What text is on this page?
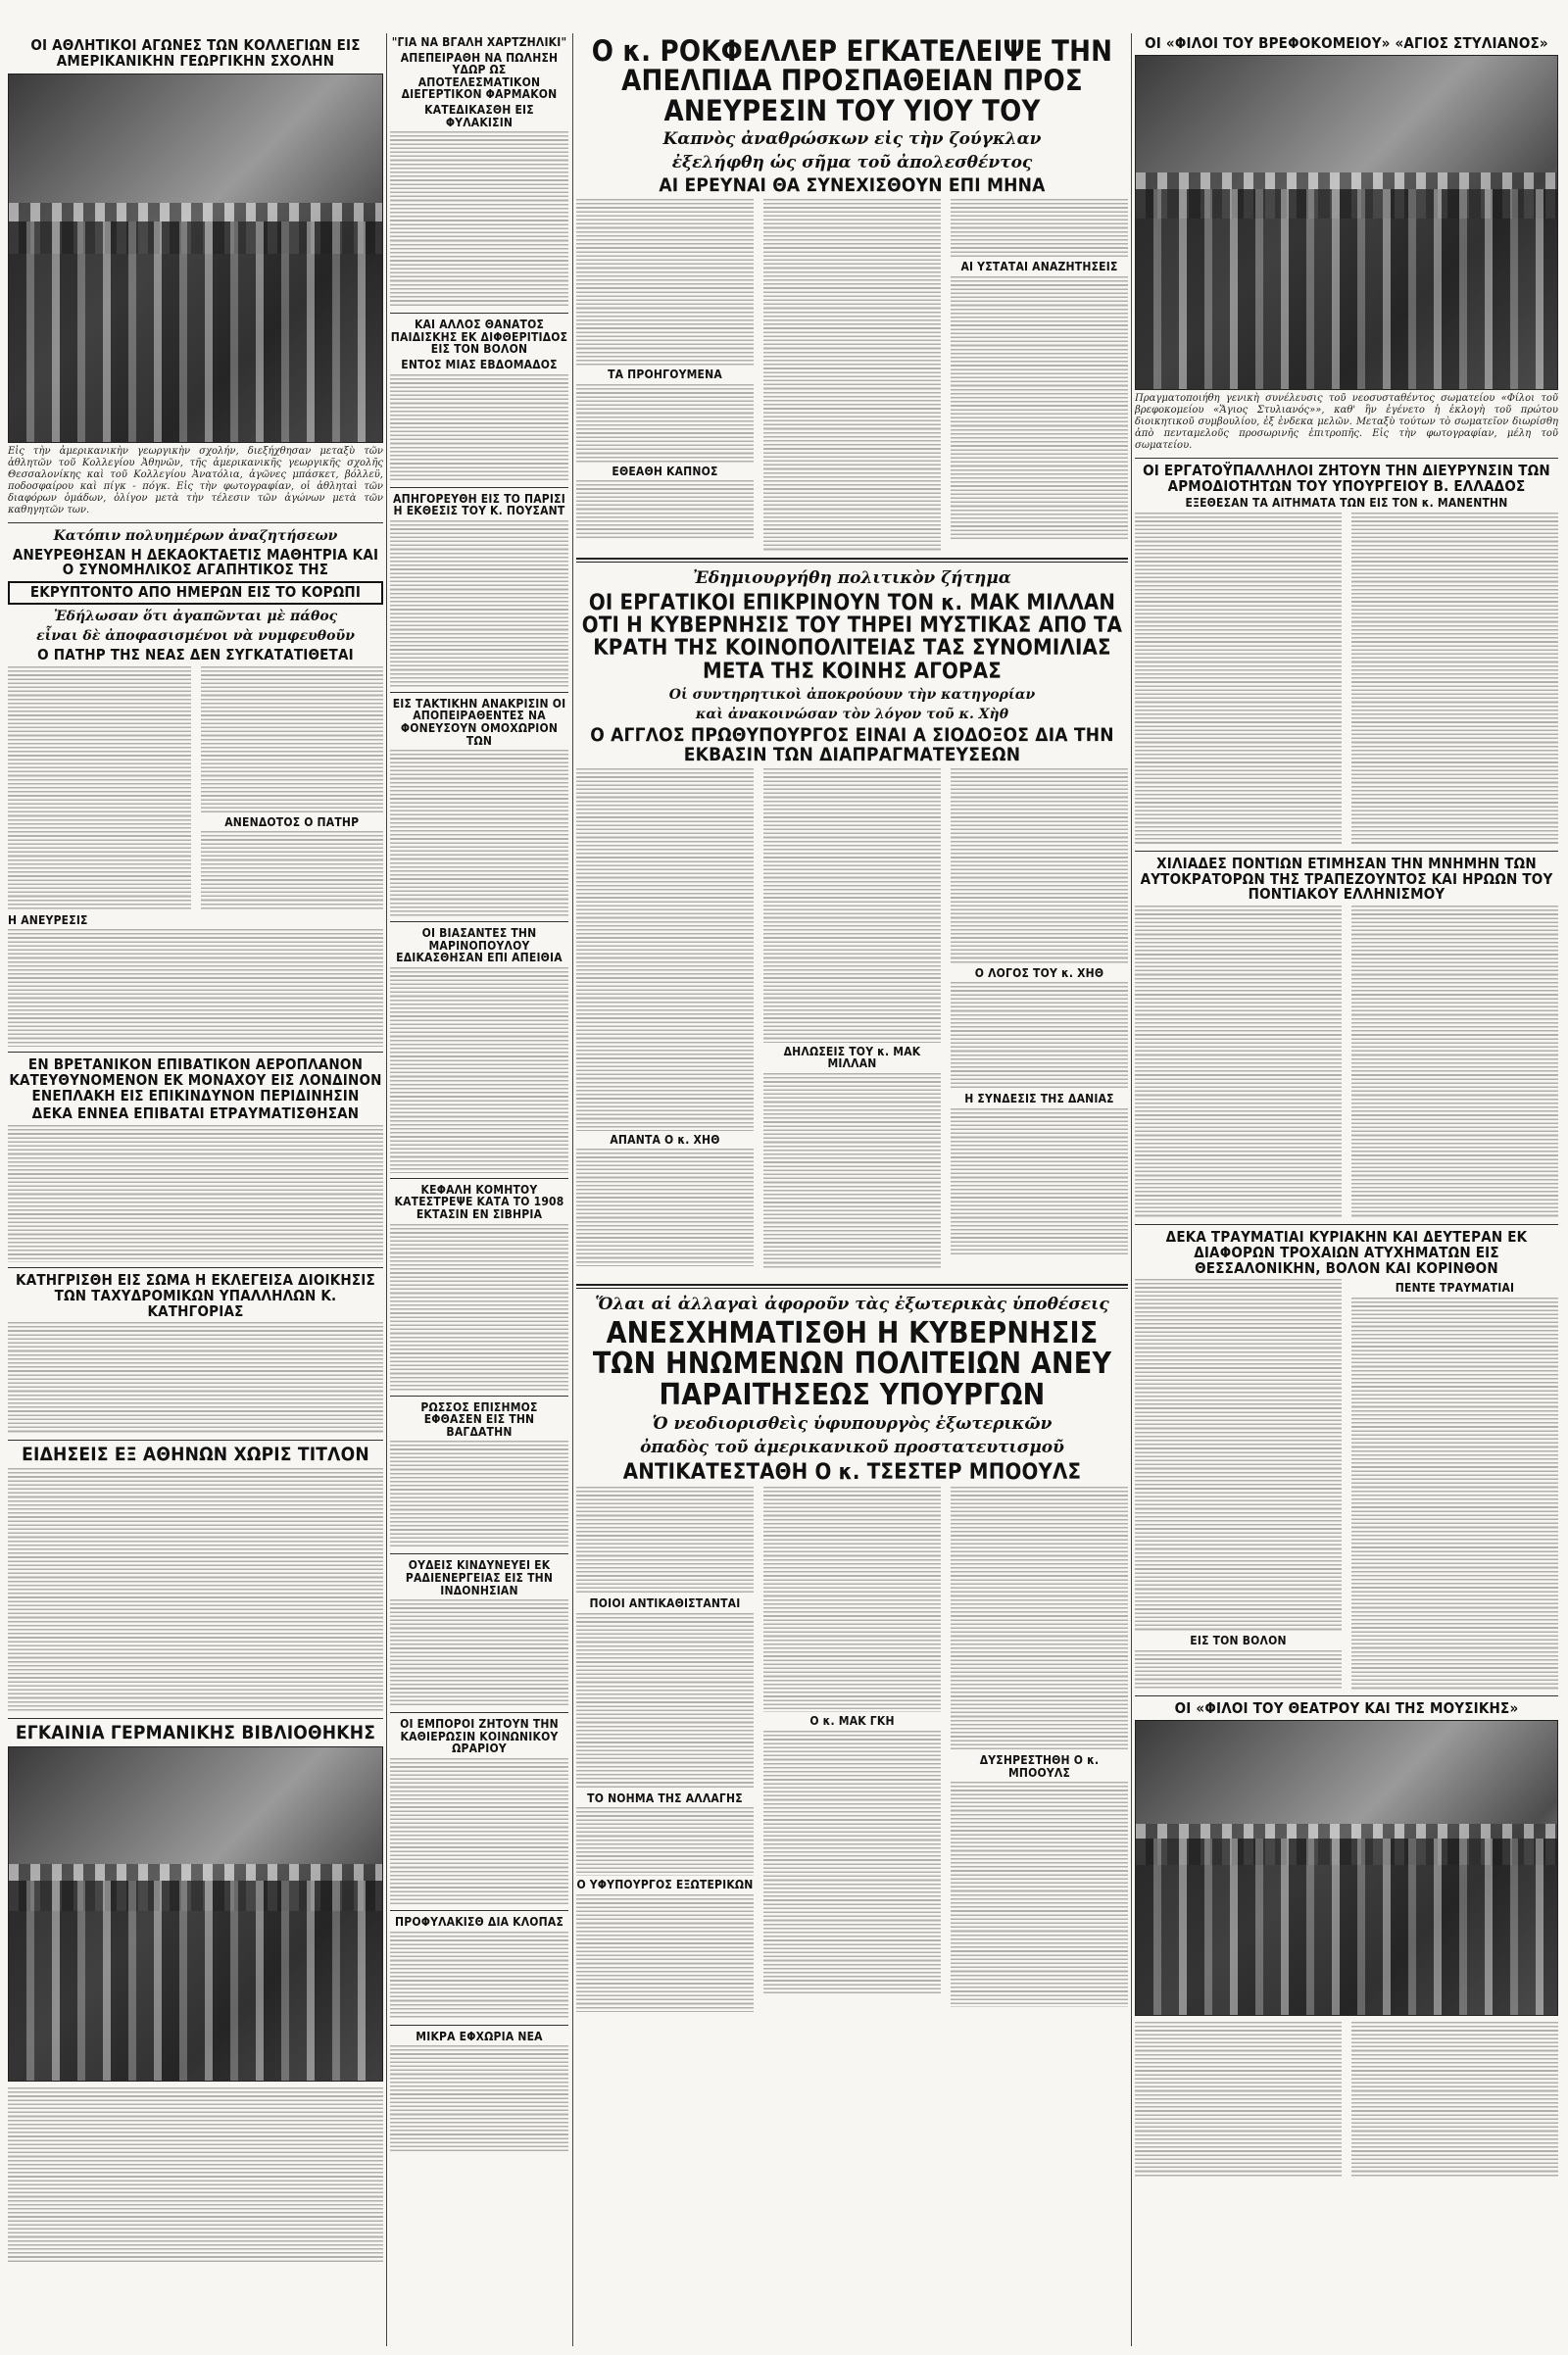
ΟΙ ΑΘΛΗΤΙΚΟΙ ΑΓΩΝΕΣ ΤΩΝ ΚΟΛΛΕΓΙΩΝ ΕΙΣ ΑΜΕΡΙΚΑΝΙΚΗΝ ΓΕΩΡΓΙΚΗΝ ΣΧΟΛΗΝ
Εἰς τὴν ἀμερικανικὴν γεωργικὴν σχολήν, διεξήχθησαν μεταξὺ τῶν ἀθλητῶν τοῦ Κολλεγίου Ἀθηνῶν, τῆς ἀμερικανικῆς γεωργικῆς σχολῆς Θεσσαλονίκης καὶ τοῦ Κολλεγίου Ἀνατόλια, ἀγῶνες μπάσκετ, βόλλεϋ, ποδοσφαίρου καὶ πίγκ - πόγκ. Εἰς τὴν φωτογραφίαν, οἱ ἀθληταὶ τῶν διαφόρων ὁμάδων, ὀλίγον μετὰ τὴν τέλεσιν τῶν ἀγώνων μετὰ τῶν καθηγητῶν των.
Κατόπιν πολυημέρων ἀναζητήσεων
ΑΝΕΥΡΕΘΗΣΑΝ Η ΔΕΚΑΟΚΤΑΕΤΙΣ ΜΑΘΗΤΡΙΑ ΚΑΙ Ο ΣΥΝΟΜΗΛΙΚΟΣ ΑΓΑΠΗΤΙΚΟΣ ΤΗΣ
ΕΚΡΥΠΤΟΝΤΟ ΑΠΟ ΗΜΕΡΩΝ ΕΙΣ ΤΟ ΚΟΡΩΠΙ
Ἐδήλωσαν ὅτι ἀγαπῶνται μὲ πάθος
εἶναι δὲ ἀποφασισμένοι νὰ νυμφευθοῦν
Ο ΠΑΤΗΡ ΤΗΣ ΝΕΑΣ ΔΕΝ ΣΥΓΚΑΤΑΤΙΘΕΤΑΙ
ΑΝΕΝΔΟΤΟΣ Ο ΠΑΤΗΡ
Η ΑΝΕΥΡΕΣΙΣ
ΕΝ ΒΡΕΤΑΝΙΚΟΝ ΕΠΙΒΑΤΙΚΟΝ ΑΕΡΟΠΛΑΝΟΝ ΚΑΤΕΥΘΥΝΟΜΕΝΟΝ ΕΚ ΜΟΝΑΧΟΥ ΕΙΣ ΛΟΝΔΙΝΟΝ ΕΝΕΠΛΑΚΗ ΕΙΣ ΕΠΙΚΙΝΔΥΝΟΝ ΠΕΡΙΔΙΝΗΣΙΝ
ΔΕΚΑ ΕΝΝΕΑ ΕΠΙΒΑΤΑΙ ΕΤΡΑΥΜΑΤΙΣΘΗΣΑΝ
ΚΑΤΗΓΡΙΣΘΗ ΕΙΣ ΣΩΜΑ Η ΕΚΛΕΓΕΙΣΑ ΔΙΟΙΚΗΣΙΣ ΤΩΝ ΤΑΧΥΔΡΟΜΙΚΩΝ ΥΠΑΛΛΗΛΩΝ Κ. ΚΑΤΗΓΟΡΙΑΣ
ΕΙΔΗΣΕΙΣ ΕΞ ΑΘΗΝΩΝ ΧΩΡΙΣ ΤΙΤΛΟΝ
ΕΓΚΑΙΝΙΑ ΓΕΡΜΑΝΙΚΗΣ ΒΙΒΛΙΟΘΗΚΗΣ
"ΓΙΑ ΝΑ ΒΓΑΛΗ ΧΑΡΤΖΗΛΙΚΙ"
ΑΠΕΠΕΙΡΑΘΗ ΝΑ ΠΩΛΗΣΗ ΥΔΩΡ ΩΣ ΑΠΟΤΕΛΕΣΜΑΤΙΚΟΝ ΔΙΕΓΕΡΤΙΚΟΝ ΦΑΡΜΑΚΟΝ
ΚΑΤΕΔΙΚΑΣΘΗ ΕΙΣ ΦΥΛΑΚΙΣΙΝ
ΚΑΙ ΑΛΛΟΣ ΘΑΝΑΤΟΣ ΠΑΙΔΙΣΚΗΣ ΕΚ ΔΙΦΘΕΡΙΤΙΔΟΣ ΕΙΣ ΤΟΝ ΒΟΛΟΝ
ΕΝΤΟΣ ΜΙΑΣ ΕΒΔΟΜΑΔΟΣ
ΑΠΗΓΟΡΕΥΘΗ ΕΙΣ ΤΟ ΠΑΡΙΣΙ Η ΕΚΘΕΣΙΣ ΤΟΥ Κ. ΠΟΥΣΑΝΤ
ΕΙΣ ΤΑΚΤΙΚΗΝ ΑΝΑΚΡΙΣΙΝ ΟΙ ΑΠΟΠΕΙΡΑΘΕΝΤΕΣ ΝΑ ΦΟΝΕΥΣΟΥΝ ΟΜΟΧΩΡΙΟΝ ΤΩΝ
ΟΙ ΒΙΑΣΑΝΤΕΣ ΤΗΝ ΜΑΡΙΝΟΠΟΥΛΟΥ ΕΔΙΚΑΣΘΗΣΑΝ ΕΠΙ ΑΠΕΙΘΙΑ
ΚΕΦΑΛΗ ΚΟΜΗΤΟΥ ΚΑΤΕΣΤΡΕΨΕ ΚΑΤΑ ΤΟ 1908 ΕΚΤΑΣΙΝ ΕΝ ΣΙΒΗΡΙΑ
ΡΩΣΣΟΣ ΕΠΙΣΗΜΟΣ ΕΦΘΑΣΕΝ ΕΙΣ ΤΗΝ ΒΑΓΔΑΤΗΝ
ΟΥΔΕΙΣ ΚΙΝΔΥΝΕΥΕΙ ΕΚ ΡΑΔΙΕΝΕΡΓΕΙΑΣ ΕΙΣ ΤΗΝ ΙΝΔΟΝΗΣΙΑΝ
ΟΙ ΕΜΠΟΡΟΙ ΖΗΤΟΥΝ ΤΗΝ ΚΑΘΙΕΡΩΣΙΝ ΚΟΙΝΩΝΙΚΟΥ ΩΡΑΡΙΟΥ
ΠΡΟΦΥΛΑΚΙΣΘ ΔΙΑ ΚΛΟΠΑΣ
ΜΙΚΡΑ ΕΦΧΩΡΙΑ ΝΕΑ
Ο κ. ΡΟΚΦΕΛΛΕΡ ΕΓΚΑΤΕΛΕΙΨΕ ΤΗΝ ΑΠΕΛΠΙΔΑ ΠΡΟΣΠΑΘΕΙΑΝ ΠΡΟΣ ΑΝΕΥΡΕΣΙΝ ΤΟΥ ΥΙΟΥ ΤΟΥ
Καπνὸς ἀναθρώσκων εἰς τὴν ζούγκλαν
ἐξελήφθη ὡς σῆμα τοῦ ἀπολεσθέντος
ΑΙ ΕΡΕΥΝΑΙ ΘΑ ΣΥΝΕΧΙΣΘΟΥΝ ΕΠΙ ΜΗΝΑ
ΤΑ ΠΡΟΗΓΟΥΜΕΝΑ
ΕΘΕΑΘΗ ΚΑΠΝΟΣ
ΑΙ ΥΣΤΑΤΑΙ ΑΝΑΖΗΤΗΣΕΙΣ
Ἐδημιουργήθη πολιτικὸν ζήτημα
ΟΙ ΕΡΓΑΤΙΚΟΙ ΕΠΙΚΡΙΝΟΥΝ ΤΟΝ κ. ΜΑΚ ΜΙΛΛΑΝ ΟΤΙ Η ΚΥΒΕΡΝΗΣΙΣ ΤΟΥ ΤΗΡΕΙ ΜΥΣΤΙΚΑΣ ΑΠΟ ΤΑ ΚΡΑΤΗ ΤΗΣ ΚΟΙΝΟΠΟΛΙΤΕΙΑΣ ΤΑΣ ΣΥΝΟΜΙΛΙΑΣ ΜΕΤΑ ΤΗΣ ΚΟΙΝΗΣ ΑΓΟΡΑΣ
Οἱ συντηρητικοὶ ἀποκρούουν τὴν κατηγορίαν
καὶ ἀνακοινώσαν τὸν λόγον τοῦ κ. Χὴθ
Ο ΑΓΓΛΟΣ ΠΡΩΘΥΠΟΥΡΓΟΣ ΕΙΝΑΙ Α ΣΙΟΔΟΞΟΣ ΔΙΑ ΤΗΝ ΕΚΒΑΣΙΝ ΤΩΝ ΔΙΑΠΡΑΓΜΑΤΕΥΣΕΩΝ
ΑΠΑΝΤΑ Ο κ. ΧΗΘ
ΔΗΛΩΣΕΙΣ ΤΟΥ κ. ΜΑΚ ΜΙΛΛΑΝ
Ο ΛΟΓΟΣ ΤΟΥ κ. ΧΗΘ
Η ΣΥΝΔΕΣΙΣ ΤΗΣ ΔΑΝΙΑΣ
Ὅλαι αἱ ἀλλαγαὶ ἀφοροῦν τὰς ἐξωτερικὰς ὑποθέσεις
ΑΝΕΣΧΗΜΑΤΙΣΘΗ Η ΚΥΒΕΡΝΗΣΙΣ ΤΩΝ ΗΝΩΜΕΝΩΝ ΠΟΛΙΤΕΙΩΝ ΑΝΕΥ ΠΑΡΑΙΤΗΣΕΩΣ ΥΠΟΥΡΓΩΝ
Ὁ νεοδιορισθεὶς ὑφυπουργὸς ἐξωτερικῶν
ὀπαδὸς τοῦ ἀμερικανικοῦ προστατευτισμοῦ
ΑΝΤΙΚΑΤΕΣΤΑΘΗ Ο κ. ΤΣΕΣΤΕΡ ΜΠΟΟΥΛΣ
ΠΟΙΟΙ ΑΝΤΙΚΑΘΙΣΤΑΝΤΑΙ
ΤΟ ΝΟΗΜΑ ΤΗΣ ΑΛΛΑΓΗΣ
Ο ΥΦΥΠΟΥΡΓΟΣ ΕΞΩΤΕΡΙΚΩΝ
Ο κ. ΜΑΚ ΓΚΗ
ΔΥΣΗΡΕΣΤΗΘΗ Ο κ. ΜΠΟΟΥΛΣ
ΟΙ «ΦΙΛΟΙ ΤΟΥ ΒΡΕΦΟΚΟΜΕΙΟΥ» «ΑΓΙΟΣ ΣΤΥΛΙΑΝΟΣ»
Πραγματοποιήθη γενικὴ συνέλευσις τοῦ νεοσυσταθέντος σωματείου «Φίλοι τοῦ βρεφοκομείου «Ἅγιος Στυλιανός»», καθ' ἣν ἐγένετο ἡ ἐκλογὴ τοῦ πρώτου διοικητικοῦ συμβουλίου, ἐξ ἑνδεκα μελῶν. Μεταξὺ τούτων τὸ σωματεῖον διωρίσθη ἀπὸ πενταμελοῦς προσωρινῆς ἐπιτροπῆς. Εἰς τὴν φωτογραφίαν, μέλη τοῦ σωματείου.
ΟΙ ΕΡΓΑΤΟΫΠΑΛΛΗΛΟΙ ΖΗΤΟΥΝ ΤΗΝ ΔΙΕΥΡΥΝΣΙΝ ΤΩΝ ΑΡΜΟΔΙΟΤΗΤΩΝ ΤΟΥ ΥΠΟΥΡΓΕΙΟΥ Β. ΕΛΛΑΔΟΣ
ΕΞΕΘΕΣΑΝ ΤΑ ΑΙΤΗΜΑΤΑ ΤΩΝ ΕΙΣ ΤΟΝ κ. ΜΑΝΕΝΤΗΝ
ΧΙΛΙΑΔΕΣ ΠΟΝΤΙΩΝ ΕΤΙΜΗΣΑΝ ΤΗΝ ΜΝΗΜΗΝ ΤΩΝ ΑΥΤΟΚΡΑΤΟΡΩΝ ΤΗΣ ΤΡΑΠΕΖΟΥΝΤΟΣ ΚΑΙ ΗΡΩΩΝ ΤΟΥ ΠΟΝΤΙΑΚΟΥ ΕΛΛΗΝΙΣΜΟΥ
ΔΕΚΑ ΤΡΑΥΜΑΤΙΑΙ ΚΥΡΙΑΚΗΝ ΚΑΙ ΔΕΥΤΕΡΑΝ ΕΚ ΔΙΑΦΟΡΩΝ ΤΡΟΧΑΙΩΝ ΑΤΥΧΗΜΑΤΩΝ ΕΙΣ ΘΕΣΣΑΛΟΝΙΚΗΝ, ΒΟΛΟΝ ΚΑΙ ΚΟΡΙΝΘΟΝ
ΕΙΣ ΤΟΝ ΒΟΛΟΝ
ΠΕΝΤΕ ΤΡΑΥΜΑΤΙΑΙ
ΟΙ «ΦΙΛΟΙ ΤΟΥ ΘΕΑΤΡΟΥ ΚΑΙ ΤΗΣ ΜΟΥΣΙΚΗΣ»
